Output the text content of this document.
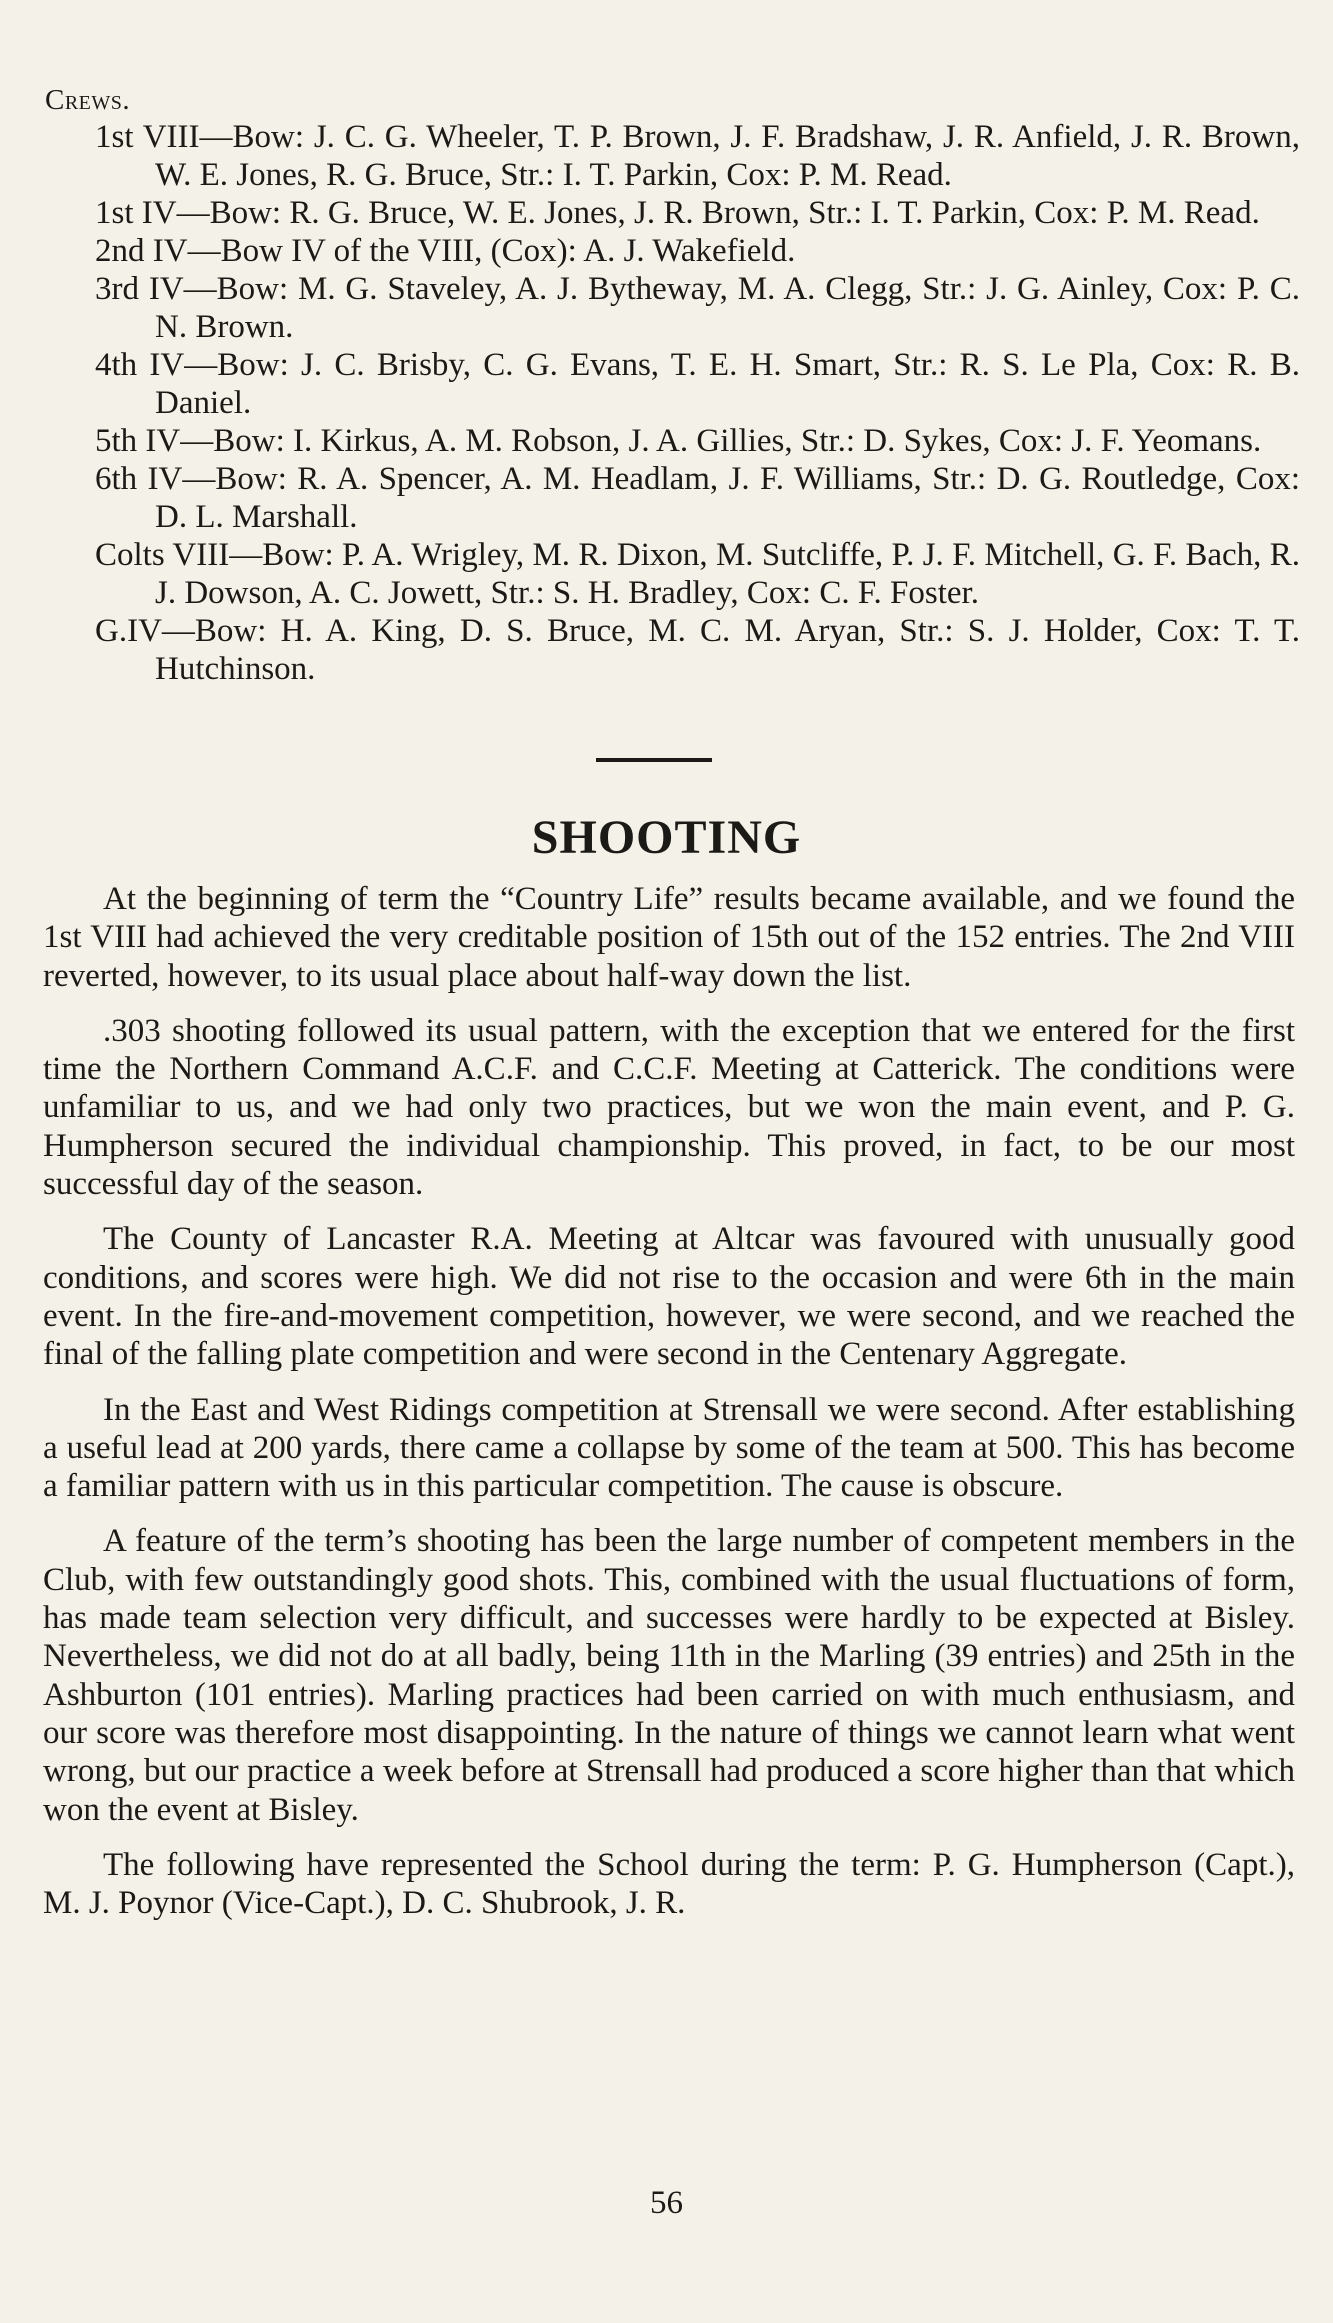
Crews.
1st VIII—Bow: J. C. G. Wheeler, T. P. Brown, J. F. Bradshaw, J. R. Anfield, J. R. Brown, W. E. Jones, R. G. Bruce, Str.: I. T. Parkin, Cox: P. M. Read.
1st IV—Bow: R. G. Bruce, W. E. Jones, J. R. Brown, Str.: I. T. Parkin, Cox: P. M. Read.
2nd IV—Bow IV of the VIII, (Cox): A. J. Wakefield.
3rd IV—Bow: M. G. Staveley, A. J. Bytheway, M. A. Clegg, Str.: J. G. Ainley, Cox: P. C. N. Brown.
4th IV—Bow: J. C. Brisby, C. G. Evans, T. E. H. Smart, Str.: R. S. Le Pla, Cox: R. B. Daniel.
5th IV—Bow: I. Kirkus, A. M. Robson, J. A. Gillies, Str.: D. Sykes, Cox: J. F. Yeomans.
6th IV—Bow: R. A. Spencer, A. M. Headlam, J. F. Williams, Str.: D. G. Routledge, Cox: D. L. Marshall.
Colts VIII—Bow: P. A. Wrigley, M. R. Dixon, M. Sutcliffe, P. J. F. Mitchell, G. F. Bach, R. J. Dowson, A. C. Jowett, Str.: S. H. Bradley, Cox: C. F. Foster.
G.IV—Bow: H. A. King, D. S. Bruce, M. C. M. Aryan, Str.: S. J. Holder, Cox: T. T. Hutchinson.
SHOOTING

At the beginning of term the “Country Life” results became available, and we found the 1st VIII had achieved the very creditable position of 15th out of the 152 entries. The 2nd VIII reverted, however, to its usual place about half-way down the list.

.303 shooting followed its usual pattern, with the exception that we entered for the first time the Northern Command A.C.F. and C.C.F. Meeting at Catterick. The conditions were unfamiliar to us, and we had only two practices, but we won the main event, and P. G. Humpherson secured the individual championship. This proved, in fact, to be our most successful day of the season.

The County of Lancaster R.A. Meeting at Altcar was favoured with unusually good conditions, and scores were high. We did not rise to the occasion and were 6th in the main event. In the fire-and-movement competition, however, we were second, and we reached the final of the falling plate competition and were second in the Centenary Aggregate.

In the East and West Ridings competition at Strensall we were second. After establishing a useful lead at 200 yards, there came a collapse by some of the team at 500. This has become a familiar pattern with us in this particular competition. The cause is obscure.

A feature of the term’s shooting has been the large number of competent members in the Club, with few outstandingly good shots. This, combined with the usual fluctuations of form, has made team selection very difficult, and successes were hardly to be expected at Bisley. Nevertheless, we did not do at all badly, being 11th in the Marling (39 entries) and 25th in the Ashburton (101 entries). Marling practices had been carried on with much enthusiasm, and our score was therefore most disappointing. In the nature of things we cannot learn what went wrong, but our practice a week before at Strensall had produced a score higher than that which won the event at Bisley.

The following have represented the School during the term: P. G. Humpherson (Capt.), M. J. Poynor (Vice-Capt.), D. C. Shubrook, J. R.

56
